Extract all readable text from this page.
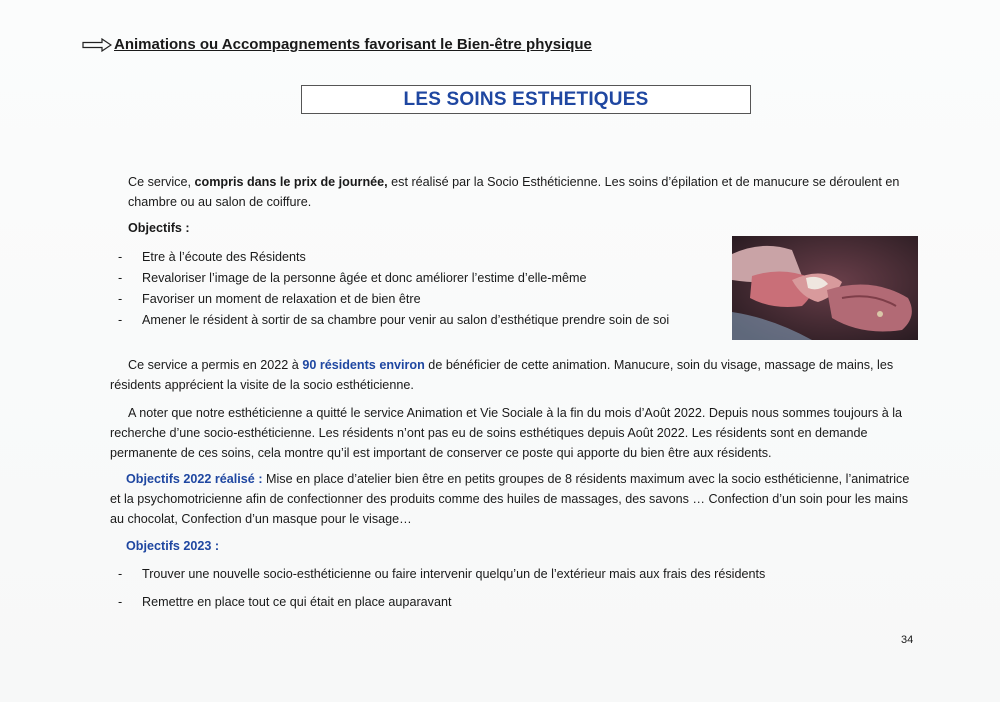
Animations ou Accompagnements favorisant le Bien-être physique
LES SOINS ESTHETIQUES
Ce service, compris dans le prix de journée, est réalisé par la Socio Esthéticienne. Les soins d’épilation et de manucure se déroulent en chambre ou au salon de coiffure.
Objectifs :
- Etre à l’écoute des Résidents
- Revaloriser l’image de la personne âgée et donc améliorer l’estime d’elle-même
- Favoriser un moment de relaxation et de bien être
- Amener le résident à sortir de sa chambre pour venir au salon d’esthétique prendre soin de soi
Ce service a permis en 2022 à 90 résidents environ de bénéficier de cette animation. Manucure, soin du visage, massage de mains, les résidents apprécient la visite de la socio esthéticienne.
A noter que notre esthéticienne a quitté le service Animation et Vie Sociale à la fin du mois d’Août 2022. Depuis nous sommes toujours à la recherche d’une socio-esthéticienne. Les résidents n’ont pas eu de soins esthétiques depuis Août 2022. Les résidents sont en demande permanente de ces soins, cela montre qu’il est important de conserver ce poste qui apporte du bien être aux résidents.
Objectifs 2022 réalisé : Mise en place d’atelier bien être en petits groupes de 8 résidents maximum avec la socio esthéticienne, l’animatrice et la psychomotricienne afin de confectionner des produits comme des huiles de massages, des savons … Confection d’un soin pour les mains au chocolat, Confection d’un masque pour le visage…
Objectifs 2023 :
- Trouver une nouvelle socio-esthéticienne ou faire intervenir quelqu’un de l’extérieur mais aux frais des résidents
- Remettre en place tout ce qui était en place auparavant
34
